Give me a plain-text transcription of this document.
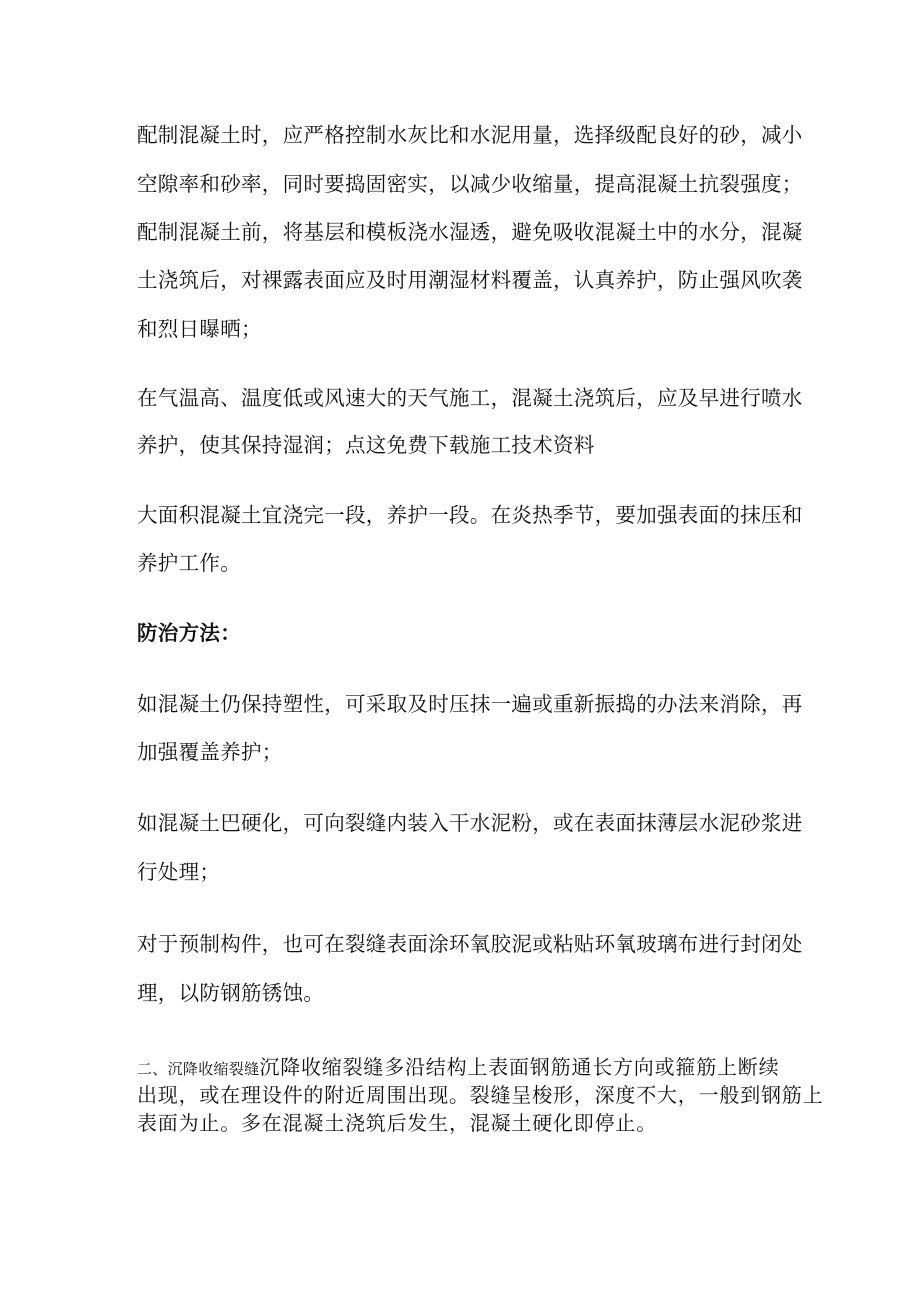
配制混凝土时，应严格控制水灰比和水泥用量，选择级配良好的砂，减小
空隙率和砂率，同时要捣固密实，以减少收缩量，提高混凝土抗裂强度；
配制混凝土前，将基层和模板浇水湿透，避免吸收混凝土中的水分，混凝
土浇筑后，对裸露表面应及时用潮湿材料覆盖，认真养护，防止强风吹袭
和烈日曝晒；
在气温高、温度低或风速大的天气施工，混凝土浇筑后，应及早进行喷水
养护，使其保持湿润；点这免费下载施工技术资料
大面积混凝土宜浇完一段，养护一段。在炎热季节，要加强表面的抹压和
养护工作。
防治方法：
如混凝土仍保持塑性，可采取及时压抹一遍或重新振捣的办法来消除，再
加强覆盖养护；
如混凝土巴硬化，可向裂缝内装入干水泥粉，或在表面抹薄层水泥砂浆进
行处理；
对于预制构件，也可在裂缝表面涂环氧胶泥或粘贴环氧玻璃布进行封闭处
理，以防钢筋锈蚀。
二、沉降收缩裂缝沉降收缩裂缝多沿结构上表面钢筋通长方向或箍筋上断续
出现，或在理设件的附近周围出现。裂缝呈梭形，深度不大，一般到钢筋上
表面为止。多在混凝土浇筑后发生，混凝土硬化即停止。
